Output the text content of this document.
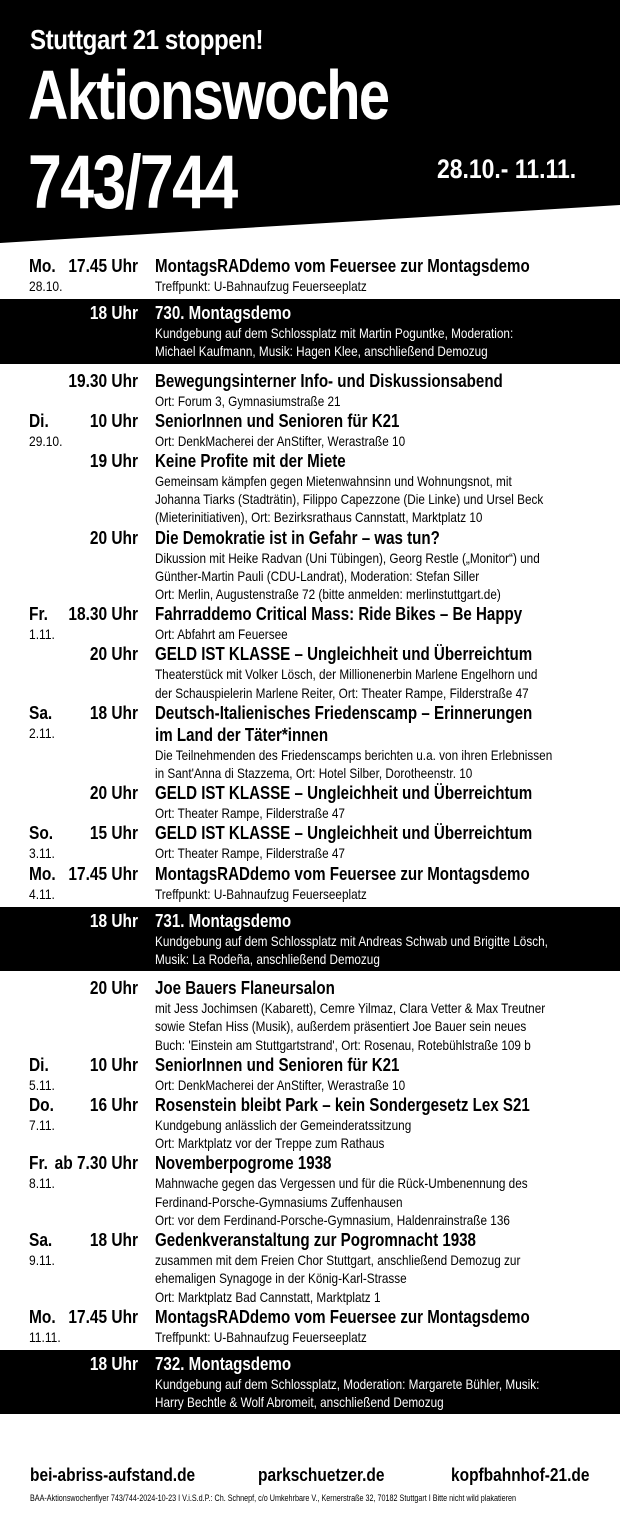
Stuttgart 21 stoppen!
Aktionswoche
743/744	28.10.- 11.11.
Mo. 17.45 Uhr
28.10.
MontagsRADdemo vom Feuersee zur Montagsdemo
Treffpunkt: U-Bahnaufzug Feuerseeplatz
18 Uhr 730. Montagsdemo
Kundgebung auf dem Schlossplatz mit Martin Poguntke, Moderation:
Michael Kaufmann, Musik: Hagen Klee, anschließend Demozug
19.30 Uhr Bewegungsinterner Info- und Diskussionsabend
Ort: Forum 3, Gymnasiumstraße 21
Di. 10 Uhr
29.10.
SeniorInnen und Senioren für K21
Ort: DenkMacherei der AnStifter, Werastraße 10
19 Uhr Keine Profite mit der Miete
Gemeinsam kämpfen gegen Mietenwahnsinn und Wohnungsnot, mit
Johanna Tiarks (Stadträtin), Filippo Capezzone (Die Linke) und Ursel Beck
(Mieterinitiativen), Ort: Bezirksrathaus Cannstatt, Marktplatz 10
20 Uhr Die Demokratie ist in Gefahr – was tun?
Dikussion mit Heike Radvan (Uni Tübingen), Georg Restle („Monitor“) und
Günther-Martin Pauli (CDU-Landrat), Moderation: Stefan Siller
Ort: Merlin, Augustenstraße 72 (bitte anmelden: merlinstuttgart.de)
Fr. 18.30 Uhr
1.11.
Fahrraddemo Critical Mass: Ride Bikes – Be Happy
Ort: Abfahrt am Feuersee
20 Uhr GELD IST KLASSE – Ungleichheit und Überreichtum
Theaterstück mit Volker Lösch, der Millionenerbin Marlene Engelhorn und
der Schauspielerin Marlene Reiter, Ort: Theater Rampe, Filderstraße 47
Sa. 18 Uhr
2.11.
Deutsch-Italienisches Friedenscamp – Erinnerungen
im Land der Täter*innen
Die Teilnehmenden des Friedenscamps berichten u.a. von ihren Erlebnissen
in Sant'Anna di Stazzema, Ort: Hotel Silber, Dorotheenstr. 10
20 Uhr GELD IST KLASSE – Ungleichheit und Überreichtum
Ort: Theater Rampe, Filderstraße 47
So. 15 Uhr
3.11.
GELD IST KLASSE – Ungleichheit und Überreichtum
Ort: Theater Rampe, Filderstraße 47
Mo. 17.45 Uhr
4.11.
MontagsRADdemo vom Feuersee zur Montagsdemo
Treffpunkt: U-Bahnaufzug Feuerseeplatz
18 Uhr 731. Montagsdemo
Kundgebung auf dem Schlossplatz mit Andreas Schwab und Brigitte Lösch,
Musik: La Rodeña, anschließend Demozug
20 Uhr Joe Bauers Flaneursalon
mit Jess Jochimsen (Kabarett), Cemre Yilmaz, Clara Vetter & Max Treutner
sowie Stefan Hiss (Musik), außerdem präsentiert Joe Bauer sein neues
Buch: 'Einstein am Stuttgartstrand', Ort: Rosenau, Rotebühlstraße 109 b
Di. 10 Uhr
5.11.
SeniorInnen und Senioren für K21
Ort: DenkMacherei der AnStifter, Werastraße 10
Do. 16 Uhr
7.11.
Rosenstein bleibt Park – kein Sondergesetz Lex S21
Kundgebung anlässlich der Gemeinderatssitzung
Ort: Marktplatz vor der Treppe zum Rathaus
Fr. ab 7.30 Uhr
8.11.
Novemberpogrome 1938
Mahnwache gegen das Vergessen und für die Rück-Umbenennung des
Ferdinand-Porsche-Gymnasiums Zuffenhausen
Ort: vor dem Ferdinand-Porsche-Gymnasium, Haldenrainstraße 136
Sa. 18 Uhr
9.11.
Gedenkveranstaltung zur Pogromnacht 1938
zusammen mit dem Freien Chor Stuttgart, anschließend Demozug zur
ehemaligen Synagoge in der König-Karl-Strasse
Ort: Marktplatz Bad Cannstatt, Marktplatz 1
Mo. 17.45 Uhr
11.11.
MontagsRADdemo vom Feuersee zur Montagsdemo
Treffpunkt: U-Bahnaufzug Feuerseeplatz
18 Uhr 732. Montagsdemo
Kundgebung auf dem Schlossplatz, Moderation: Margarete Bühler, Musik:
Harry Bechtle & Wolf Abromeit, anschließend Demozug
bei-abriss-aufstand.de	parkschuetzer.de	kopfbahnhof-21.de
BAA-Aktionswochenflyer 743/744-2024-10-23 I V.i.S.d.P.: Ch. Schnepf, c/o Umkehrbare V., Kernerstraße 32, 70182 Stuttgart I Bitte nicht wild plakatieren
